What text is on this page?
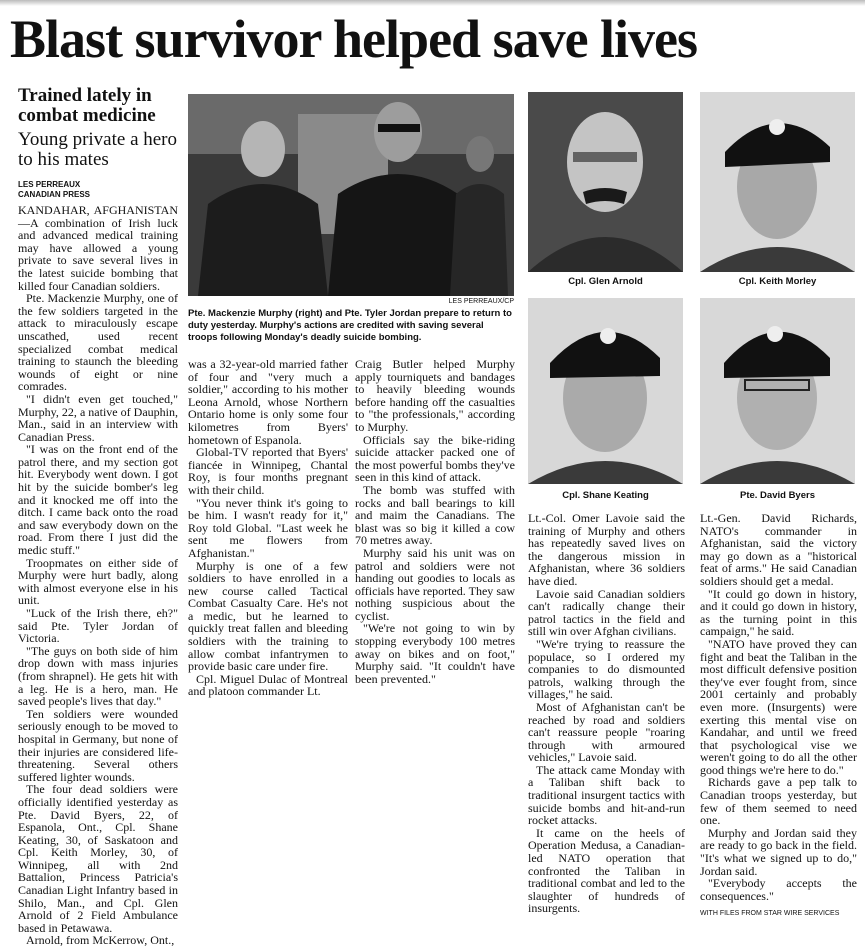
Blast survivor helped save lives
Trained lately in combat medicine
Young private a hero to his mates
LES PERREAUX
CANADIAN PRESS

KANDAHAR, AFGHANISTAN—A combination of Irish luck and advanced medical training may have allowed a young private to save several lives in the latest suicide bombing that killed four Canadian soldiers.

Pte. Mackenzie Murphy, one of the few soldiers targeted in the attack to miraculously escape unscathed, used recent specialized combat medical training to staunch the bleeding wounds of eight or nine comrades.

"I didn't even get touched," Murphy, 22, a native of Dauphin, Man., said in an interview with Canadian Press.

"I was on the front end of the patrol there, and my section got hit. Everybody went down. I got hit by the suicide bomber's leg and it knocked me off into the ditch. I came back onto the road and saw everybody down on the road. From there I just did the medic stuff."

Troopmates on either side of Murphy were hurt badly, along with almost everyone else in his unit.

"Luck of the Irish there, eh?" said Pte. Tyler Jordan of Victoria.

"The guys on both side of him drop down with mass injuries (from shrapnel). He gets hit with a leg. He is a hero, man. He saved people's lives that day."

Ten soldiers were wounded seriously enough to be moved to hospital in Germany, but none of their injuries are considered life-threatening. Several others suffered lighter wounds.

The four dead soldiers were officially identified yesterday as Pte. David Byers, 22, of Espanola, Ont., Cpl. Shane Keating, 30, of Saskatoon and Cpl. Keith Morley, 30, of Winnipeg, all with 2nd Battalion, Princess Patricia's Canadian Light Infantry based in Shilo, Man., and Cpl. Glen Arnold of 2 Field Ambulance based in Petawawa.

Arnold, from McKerrow, Ont.,

LES PERREAUX/CP
Pte. Mackenzie Murphy (right) and Pte. Tyler Jordan prepare to return to duty yesterday. Murphy's actions are credited with saving several troops following Monday's deadly suicide bombing.

was a 32-year-old married father of four and "very much a soldier," according to his mother Leona Arnold, whose Northern Ontario home is only some four kilometres from Byers' hometown of Espanola.

Global-TV reported that Byers' fiancée in Winnipeg, Chantal Roy, is four months pregnant with their child.

"You never think it's going to be him. I wasn't ready for it," Roy told Global. "Last week he sent me flowers from Afghanistan."

Murphy is one of a few soldiers to have enrolled in a new course called Tactical Combat Casualty Care. He's not a medic, but he learned to quickly treat fallen and bleeding soldiers with the training to allow combat infantrymen to provide basic care under fire.

Cpl. Miguel Dulac of Montreal and platoon commander Lt.

Craig Butler helped Murphy apply tourniquets and bandages to heavily bleeding wounds before handing off the casualties to "the professionals," according to Murphy.

Officials say the bike-riding suicide attacker packed one of the most powerful bombs they've seen in this kind of attack.

The bomb was stuffed with rocks and ball bearings to kill and maim the Canadians. The blast was so big it killed a cow 70 metres away.

Murphy said his unit was on patrol and soldiers were not handing out goodies to locals as officials have reported. They saw nothing suspicious about the cyclist.

"We're not going to win by stopping everybody 100 metres away on bikes and on foot," Murphy said. "It couldn't have been prevented."

Cpl. Glen Arnold	Cpl. Keith Morley
Cpl. Shane Keating	Pte. David Byers

Lt.-Col. Omer Lavoie said the training of Murphy and others has repeatedly saved lives on the dangerous mission in Afghanistan, where 36 soldiers have died.

Lavoie said Canadian soldiers can't radically change their patrol tactics in the field and still win over Afghan civilians.

"We're trying to reassure the populace, so I ordered my companies to do dismounted patrols, walking through the villages," he said.

Most of Afghanistan can't be reached by road and soldiers can't reassure people "roaring through with armoured vehicles," Lavoie said.

The attack came Monday with a Taliban shift back to traditional insurgent tactics with suicide bombs and hit-and-run rocket attacks.

It came on the heels of Operation Medusa, a Canadian-led NATO operation that confronted the Taliban in traditional combat and led to the slaughter of hundreds of insurgents.

Lt.-Gen. David Richards, NATO's commander in Afghanistan, said the victory may go down as a "historical feat of arms." He said Canadian soldiers should get a medal.

"It could go down in history, and it could go down in history, as the turning point in this campaign," he said.

"NATO have proved they can fight and beat the Taliban in the most difficult defensive position they've ever fought from, since 2001 certainly and probably even more. (Insurgents) were exerting this mental vise on Kandahar, and until we freed that psychological vise we weren't going to do all the other good things we're here to do."

Richards gave a pep talk to Canadian troops yesterday, but few of them seemed to need one.

Murphy and Jordan said they are ready to go back in the field. "It's what we signed up to do," Jordan said.

"Everybody accepts the consequences."

WITH FILES FROM STAR WIRE SERVICES
